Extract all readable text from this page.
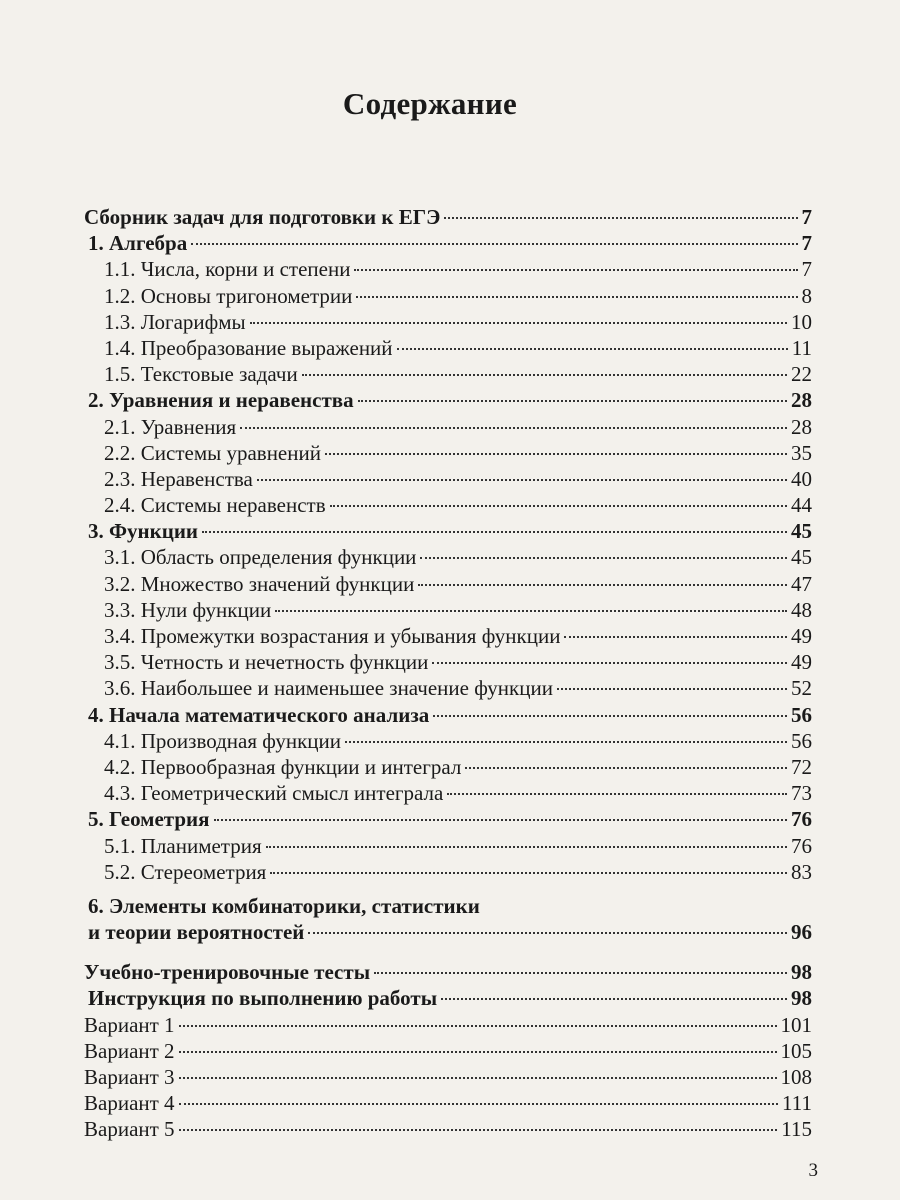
Содержание
Сборник задач для подготовки к ЕГЭ	7
1. Алгебра	7
1.1. Числа, корни и степени	7
1.2. Основы тригонометрии	8
1.3. Логарифмы	10
1.4. Преобразование выражений	11
1.5. Текстовые задачи	22
2. Уравнения и неравенства	28
2.1. Уравнения	28
2.2. Системы уравнений	35
2.3. Неравенства	40
2.4. Системы неравенств	44
3. Функции	45
3.1. Область определения функции	45
3.2. Множество значений функции	47
3.3. Нули функции	48
3.4. Промежутки возрастания и убывания функции	49
3.5. Четность и нечетность функции	49
3.6. Наибольшее и наименьшее значение функции	52
4. Начала математического анализа	56
4.1. Производная функции	56
4.2. Первообразная функции и интеграл	72
4.3. Геометрический смысл интеграла	73
5. Геометрия	76
5.1. Планиметрия	76
5.2. Стереометрия	83
6. Элементы комбинаторики, статистики
и теории вероятностей	96
Учебно-тренировочные тесты	98
Инструкция по выполнению работы	98
Вариант 1	101
Вариант 2	105
Вариант 3	108
Вариант 4	111
Вариант 5	115
3
